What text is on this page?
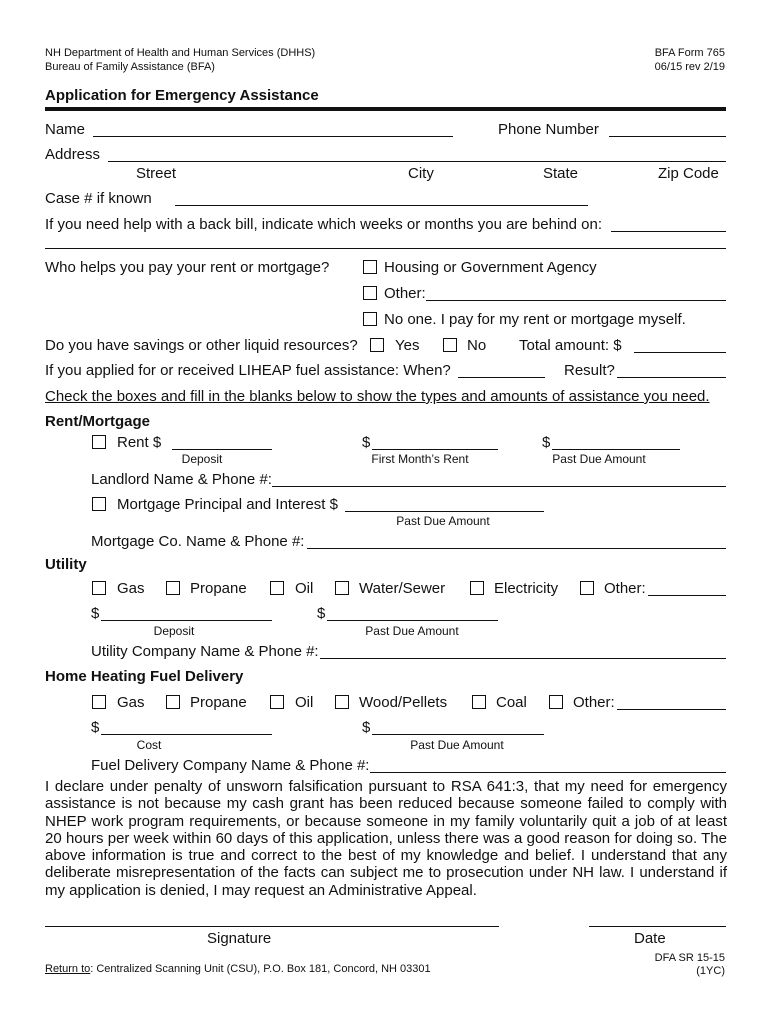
NH Department of Health and Human Services (DHHS)
Bureau of Family Assistance (BFA)
BFA Form 765
06/15 rev 2/19
Application for Emergency Assistance
Name	Phone Number
Address
Street	City	State	Zip Code
Case # if known
If you need help with a back bill, indicate which weeks or months you are behind on:
Who helps you pay your rent or mortgage?	Housing or Government Agency
Other:
No one. I pay for my rent or mortgage myself.
Do you have savings or other liquid resources? Yes	No Total amount: $
If you applied for or received LIHEAP fuel assistance: When?	Result?
Check the boxes and fill in the blanks below to show the types and amounts of assistance you need.
Rent/Mortgage
Rent $
Deposit
$
First Month’s Rent
$
Past Due Amount
Landlord Name & Phone #:
Mortgage Principal and Interest $
Past Due Amount
Mortgage Co. Name & Phone #:
Utility
Gas	Propane	Oil	Water/Sewer	Electricity	Other:
$
Deposit
$
Past Due Amount
Utility Company Name & Phone #:
Home Heating Fuel Delivery
Gas	Propane	Oil	Wood/Pellets	Coal	Other:
$
Cost
$
Past Due Amount
Fuel Delivery Company Name & Phone #:
I declare under penalty of unsworn falsification pursuant to RSA 641:3, that my need for emergency assistance is not because my cash grant has been reduced because someone failed to comply with NHEP work program requirements, or because someone in my family voluntarily quit a job of at least 20 hours per week within 60 days of this application, unless there was a good reason for doing so. The above information is true and correct to the best of my knowledge and belief. I understand that any deliberate misrepresentation of the facts can subject me to prosecution under NH law. I understand if my application is denied, I may request an Administrative Appeal.
Signature	Date
Return to: Centralized Scanning Unit (CSU), P.O. Box 181, Concord, NH 03301
DFA SR 15-15
(1YC)
